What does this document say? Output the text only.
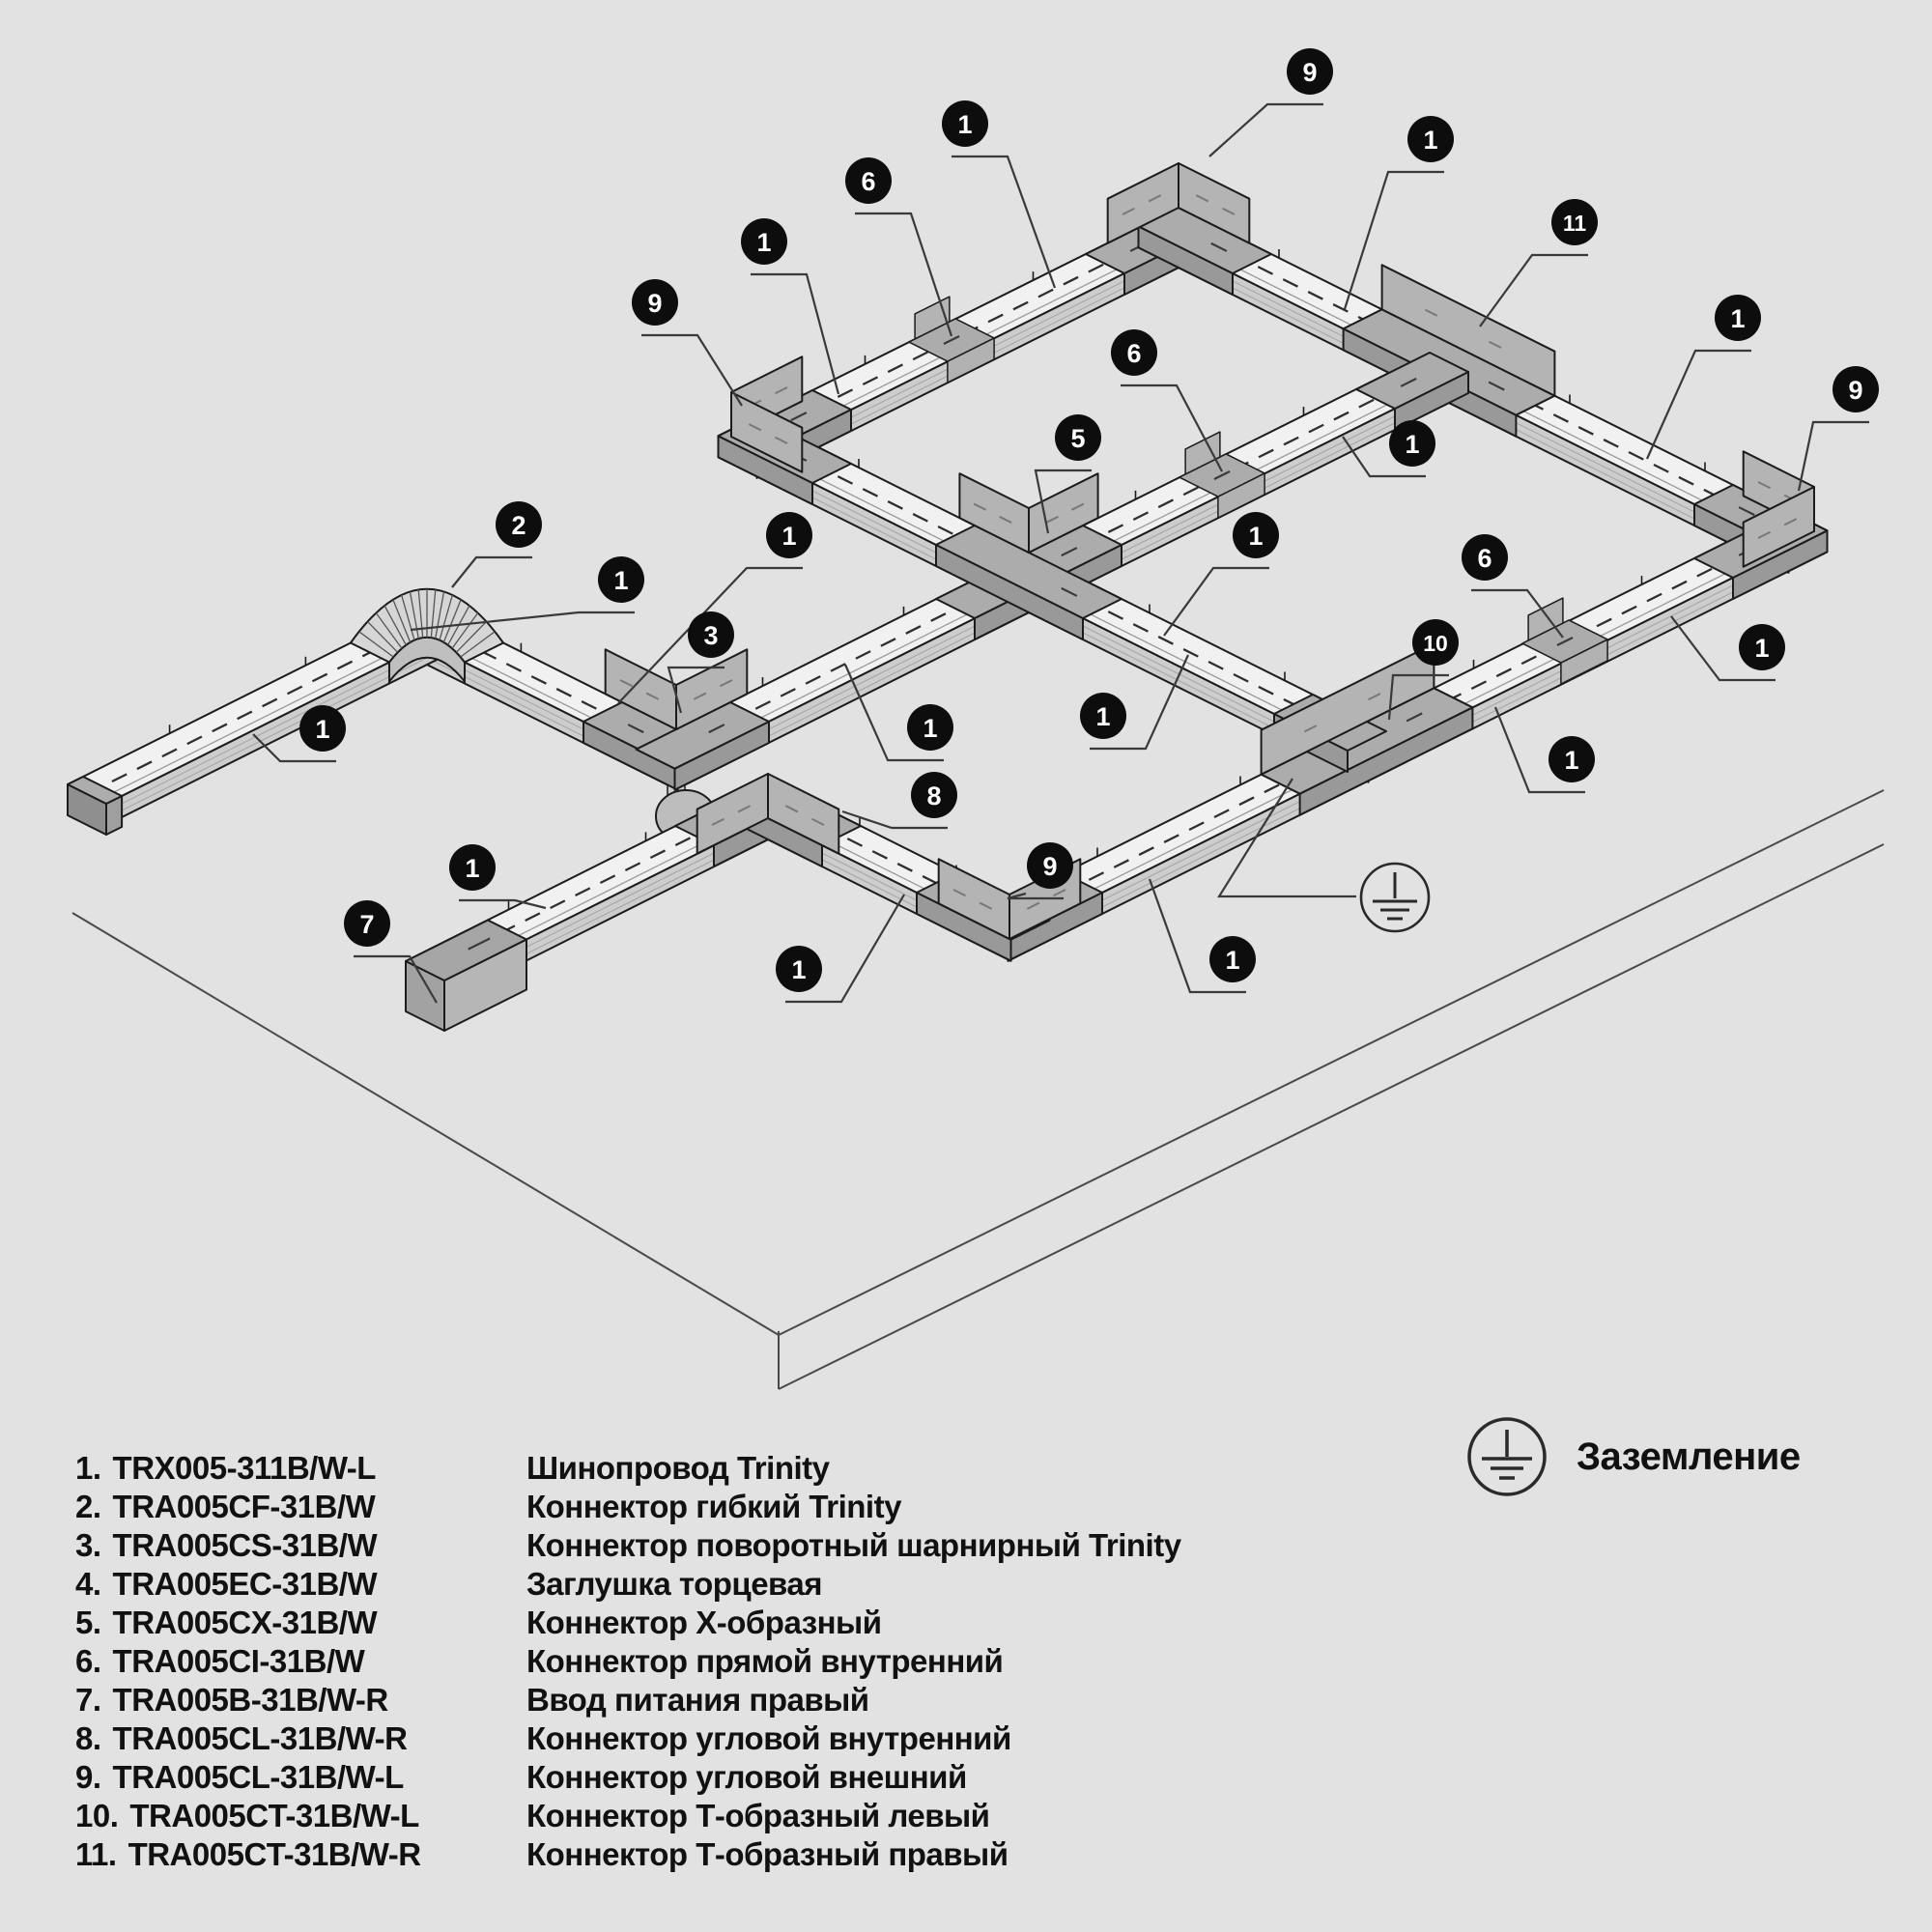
9
1
1
6
11
1
9
1
9
6
5	1
2	1	1
6
1
3	10	1
1	1	1
1
8
1	9
7
1	1
1. TRX005-311B/W-L	Шинопровод Trinity
2. TRA005CF-31B/W	Коннектор гибкий Trinity
3. TRA005CS-31B/W	Коннектор поворотный шарнирный Trinity
4. TRA005EC-31B/W	Заглушка торцевая
5. TRA005CX-31B/W	Коннектор Х-образный
6. TRA005CI-31B/W	Коннектор прямой внутренний
7. TRA005B-31B/W-R	Ввод питания правый
8. TRA005CL-31B/W-R	Коннектор угловой внутренний
9. TRA005CL-31B/W-L	Коннектор угловой внешний
10. TRA005CT-31B/W-L	Коннектор Т-образный левый
11. TRA005CT-31B/W-R	Коннектор Т-образный правый
Заземление
